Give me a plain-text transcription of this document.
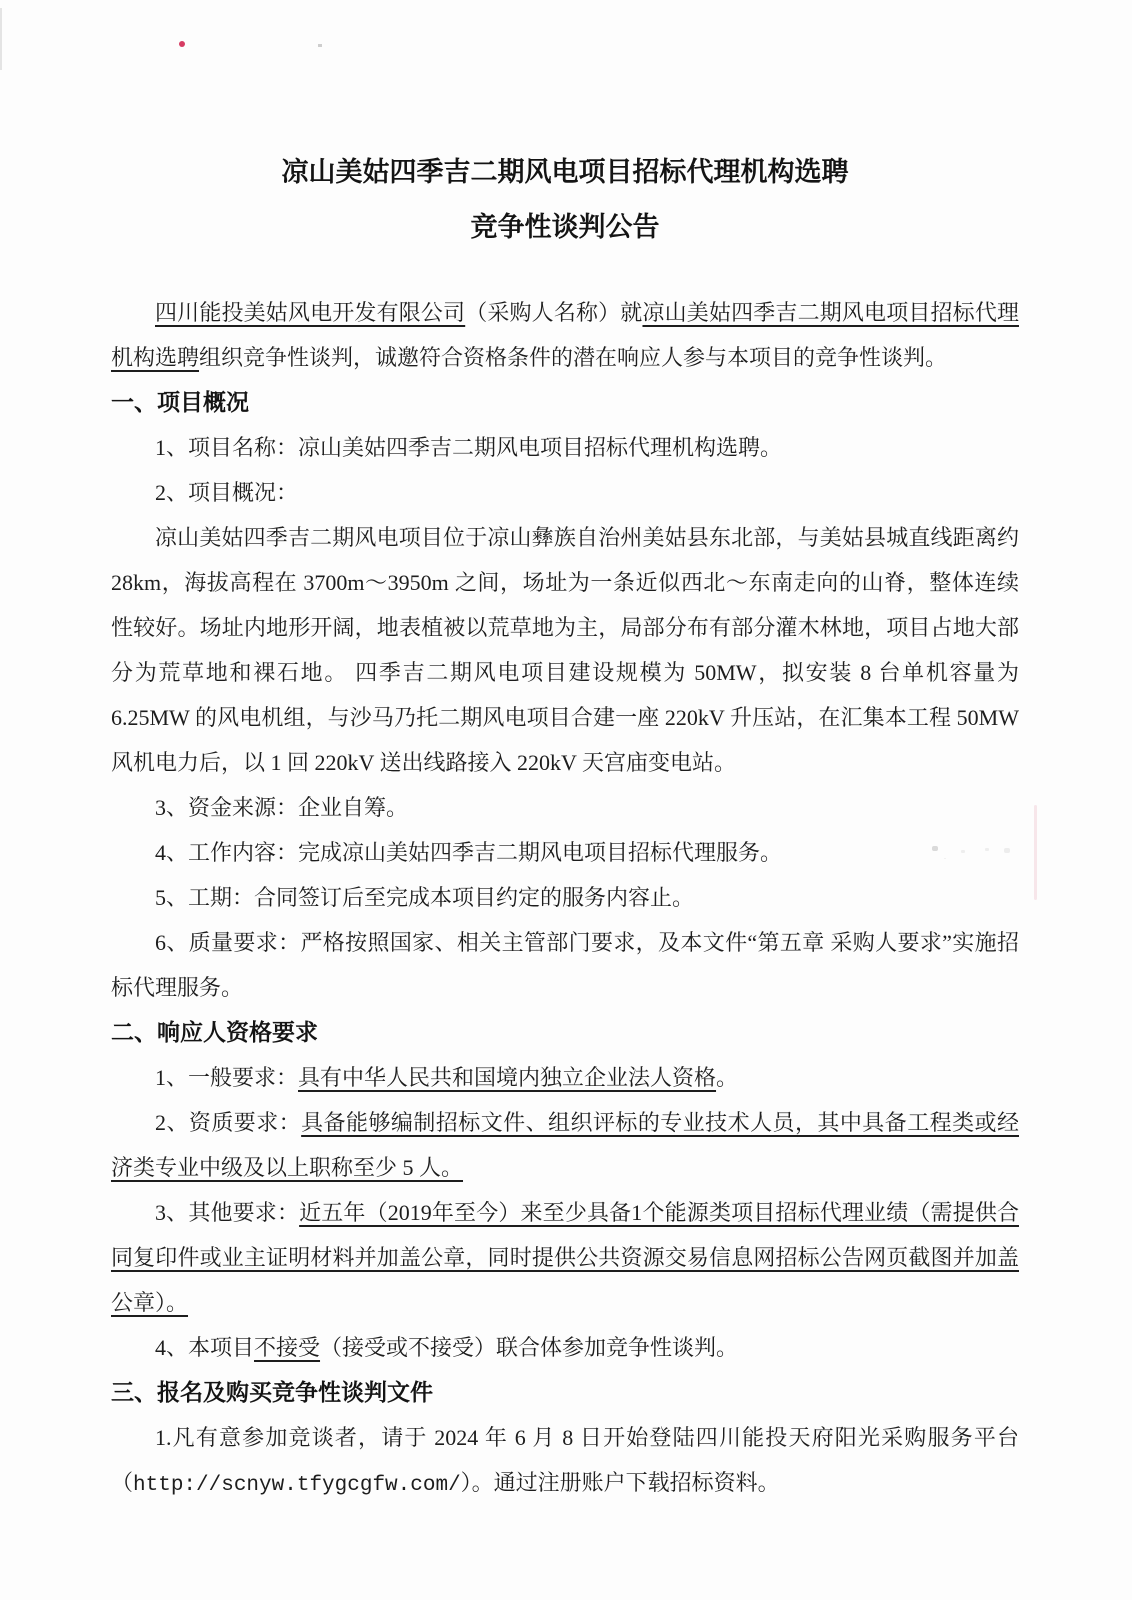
凉山美姑四季吉二期风电项目招标代理机构选聘
竞争性谈判公告

四川能投美姑风电开发有限公司（采购人名称）就凉山美姑四季吉二期风电项目招标代理机构选聘组织竞争性谈判，诚邀符合资格条件的潜在响应人参与本项目的竞争性谈判。

一、项目概况

1、项目名称：凉山美姑四季吉二期风电项目招标代理机构选聘。

2、项目概况：

凉山美姑四季吉二期风电项目位于凉山彝族自治州美姑县东北部，与美姑县城直线距离约 28km，海拔高程在 3700m～3950m 之间，场址为一条近似西北～东南走向的山脊，整体连续性较好。场址内地形开阔，地表植被以荒草地为主，局部分布有部分灌木林地，项目占地大部分为荒草地和裸石地。 四季吉二期风电项目建设规模为 50MW，拟安装 8 台单机容量为 6.25MW 的风电机组，与沙马乃托二期风电项目合建一座 220kV 升压站，在汇集本工程 50MW 风机电力后，以 1 回 220kV 送出线路接入 220kV 天宫庙变电站。

3、资金来源：企业自筹。

4、工作内容：完成凉山美姑四季吉二期风电项目招标代理服务。

5、工期：合同签订后至完成本项目约定的服务内容止。

6、质量要求：严格按照国家、相关主管部门要求，及本文件“第五章 采购人要求”实施招标代理服务。

二、响应人资格要求

1、一般要求：具有中华人民共和国境内独立企业法人资格。

2、资质要求：具备能够编制招标文件、组织评标的专业技术人员，其中具备工程类或经济类专业中级及以上职称至少 5 人。

3、其他要求：近五年（2019年至今）来至少具备1个能源类项目招标代理业绩（需提供合同复印件或业主证明材料并加盖公章，同时提供公共资源交易信息网招标公告网页截图并加盖公章）。

4、本项目不接受（接受或不接受）联合体参加竞争性谈判。

三、报名及购买竞争性谈判文件

1.凡有意参加竞谈者，请于 2024 年 6 月 8 日开始登陆四川能投天府阳光采购服务平台（http://scnyw.tfygcgfw.com/）。通过注册账户下载招标资料。
